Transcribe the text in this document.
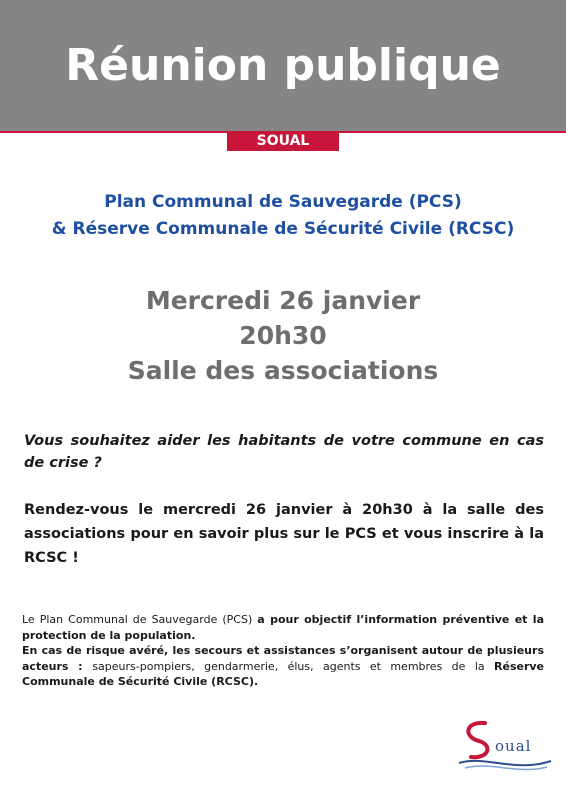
Réunion publique
SOUAL
Plan Communal de Sauvegarde (PCS)
& Réserve Communale de Sécurité Civile (RCSC)
Mercredi 26 janvier
20h30
Salle des associations

Vous souhaitez aider les habitants de votre commune en cas de crise ?

Rendez-vous le mercredi 26 janvier à 20h30 à la salle des associations pour en savoir plus sur le PCS et vous inscrire à la RCSC !

Le Plan Communal de Sauvegarde (PCS) a pour objectif l’information préventive et la protection de la population.

En cas de risque avéré, les secours et assistances s’organisent autour de plusieurs acteurs : sapeurs-pompiers, gendarmerie, élus, agents et membres de la Réserve Communale de Sécurité Civile (RCSC).

oual
